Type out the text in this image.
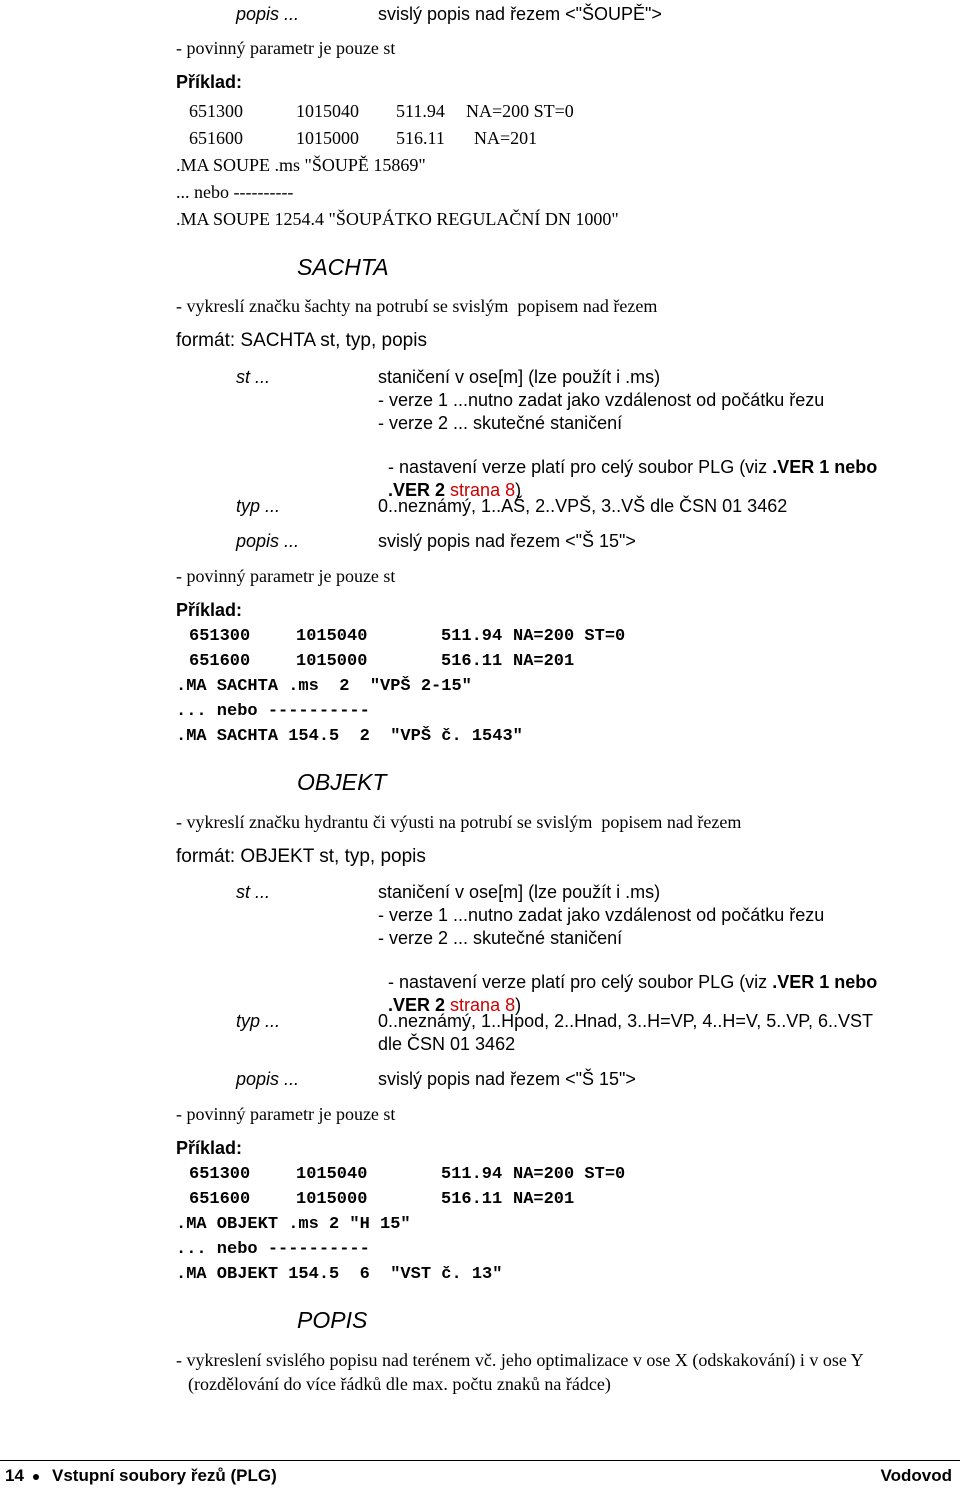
popis ...	svislý popis nad řezem <"ŠOUPĚ">
- povinný parametr je pouze st
Příklad:
651300	1015040 511.94 NA=200 ST=0
651600	1015000 516.11 NA=201
.MA SOUPE .ms "ŠOUPĚ 15869"
... nebo ----------
.MA SOUPE 1254.4 "ŠOUPÁTKO REGULAČNÍ DN 1000"
SACHTA
- vykreslí značku šachty na potrubí se svislým  popisem nad řezem
formát: SACHTA st, typ, popis
st ...	staničení v ose[m] (lze použít i .ms)
- verze 1 ...nutno zadat jako vzdálenost od počátku řezu
- verze 2 ... skutečné staničení

- nastavení verze platí pro celý soubor PLG (viz .VER 1 nebo

.VER 2 strana 8)

typ ...	0..neznámý, 1..AŠ, 2..VPŠ, 3..VŠ dle ČSN 01 3462
popis ...	svislý popis nad řezem <"Š 15">
- povinný parametr je pouze st
Příklad:
651300	1015040	511.94 NA=200 ST=0
651600	1015000	516.11 NA=201
.MA SACHTA .ms  2  "VPŠ 2-15"
... nebo ----------
.MA SACHTA 154.5  2  "VPŠ č. 1543"
OBJEKT
- vykreslí značku hydrantu či výusti na potrubí se svislým  popisem nad řezem
formát: OBJEKT st, typ, popis
st ...	staničení v ose[m] (lze použít i .ms)
- verze 1 ...nutno zadat jako vzdálenost od počátku řezu
- verze 2 ... skutečné staničení

- nastavení verze platí pro celý soubor PLG (viz .VER 1 nebo

.VER 2 strana 8)

typ ...	0..neznámý, 1..Hpod, 2..Hnad, 3..H=VP, 4..H=V, 5..VP, 6..VST
dle ČSN 01 3462
popis ...	svislý popis nad řezem <"Š 15">
- povinný parametr je pouze st
Příklad:
651300	1015040	511.94 NA=200 ST=0
651600	1015000	516.11 NA=201
.MA OBJEKT .ms 2 "H 15"
... nebo ----------
.MA OBJEKT 154.5  6  "VST č. 13"
POPIS
- vykreslení svislého popisu nad terénem vč. jeho optimalizace v ose X (odskakování) i v ose Y
(rozdělování do více řádků dle max. počtu znaků na řádce)
14 Vstupní soubory řezů (PLG)	Vodovod
